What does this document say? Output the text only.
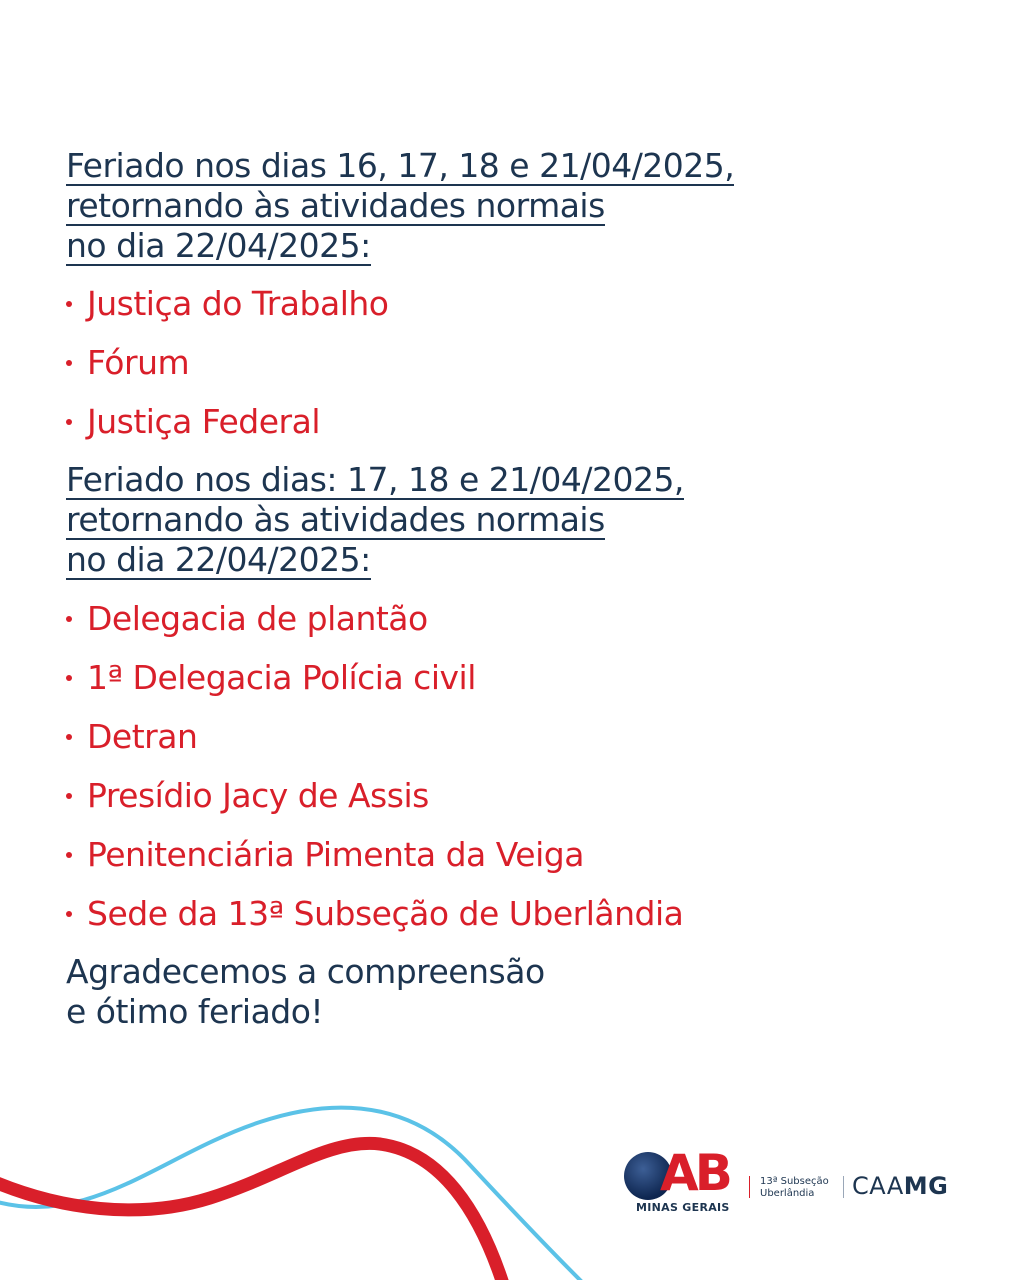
Feriado nos dias 16, 17, 18 e 21/04/2025,
retornando às atividades normais
no dia 22/04/2025:
Justiça do Trabalho
Fórum
Justiça Federal
Feriado nos dias: 17, 18 e 21/04/2025,
retornando às atividades normais
no dia 22/04/2025:
Delegacia de plantão
1ª Delegacia Polícia civil
Detran
Presídio Jacy de Assis
Penitenciária Pimenta da Veiga
Sede da 13ª Subseção de Uberlândia

Agradecemos a compreensão
e ótimo feriado!

AB
MINAS GERAIS
13ª Subseção
Uberlândia	CAAMG
